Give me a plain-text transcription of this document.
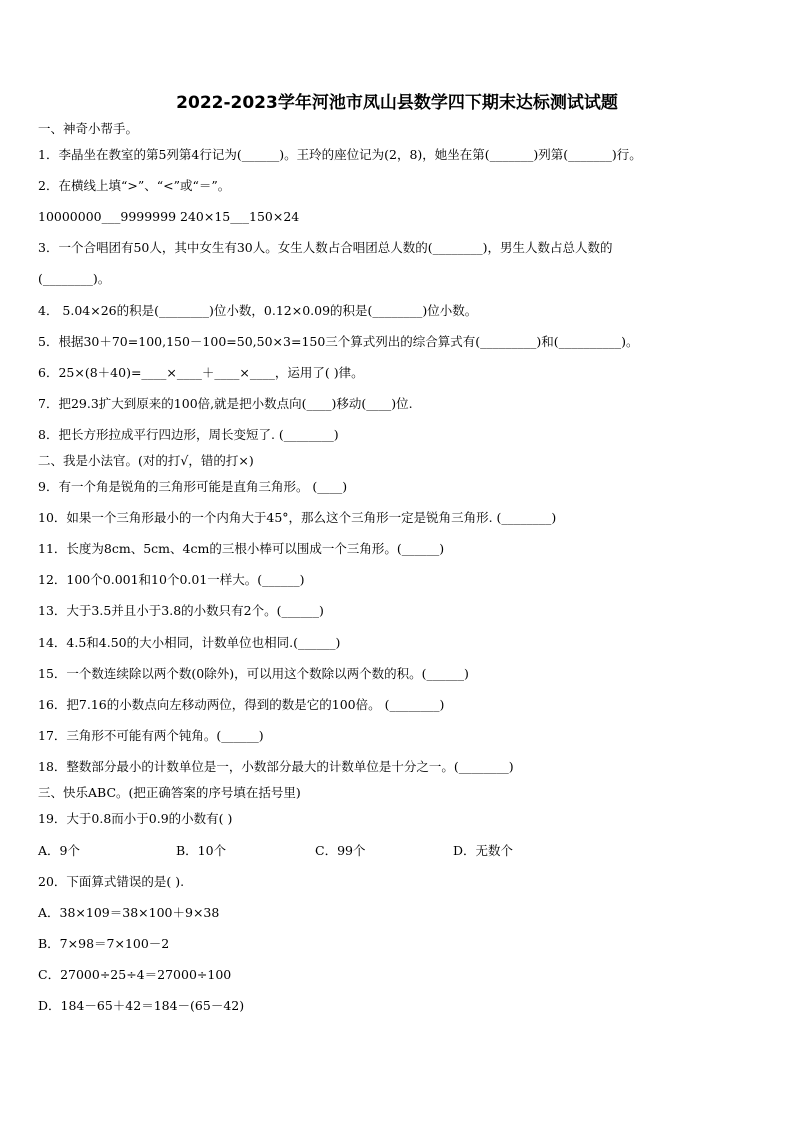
2022-2023学年河池市凤山县数学四下期末达标测试试题
一、神奇小帮手。
1．李晶坐在教室的第5列第4行记为(______)。王玲的座位记为(2，8)，她坐在第(_______)列第(_______)行。
2．在横线上填“>”、“<”或“＝”。
10000000___9999999 240×15___150×24
3．一个合唱团有50人，其中女生有30人。女生人数占合唱团总人数的(________)，男生人数占总人数的
(________)。
4． 5.04×26的积是(________)位小数，0.12×0.09的积是(________)位小数。
5．根据30＋70=100,150－100=50,50×3=150三个算式列出的综合算式有(_________)和(__________)。
6．25×(8＋40)=____×____＋____×____，运用了( )律。
7．把29.3扩大到原来的100倍,就是把小数点向(____)移动(____)位.
8．把长方形拉成平行四边形，周长变短了. (________)
二、我是小法官。(对的打√，错的打×)
9．有一个角是锐角的三角形可能是直角三角形。 (____)
10．如果一个三角形最小的一个内角大于45°，那么这个三角形一定是锐角三角形. (________)
11．长度为8cm、5cm、4cm的三根小棒可以围成一个三角形。(______)
12．100个0.001和10个0.01一样大。(______)
13．大于3.5并且小于3.8的小数只有2个。(______)
14．4.5和4.50的大小相同，计数单位也相同.(______)
15．一个数连续除以两个数(0除外)，可以用这个数除以两个数的积。(______)
16．把7.16的小数点向左移动两位，得到的数是它的100倍。 (________)
17．三角形不可能有两个钝角。(______)
18．整数部分最小的计数单位是一，小数部分最大的计数单位是十分之一。(________)
三、快乐ABC。(把正确答案的序号填在括号里)
19．大于0.8而小于0.9的小数有( )
A．9个	B．10个	C．99个	D．无数个
20．下面算式错误的是( ).
A．38×109＝38×100＋9×38
B．7×98＝7×100－2
C．27000÷25÷4＝27000÷100
D．184－65＋42＝184－(65－42)
